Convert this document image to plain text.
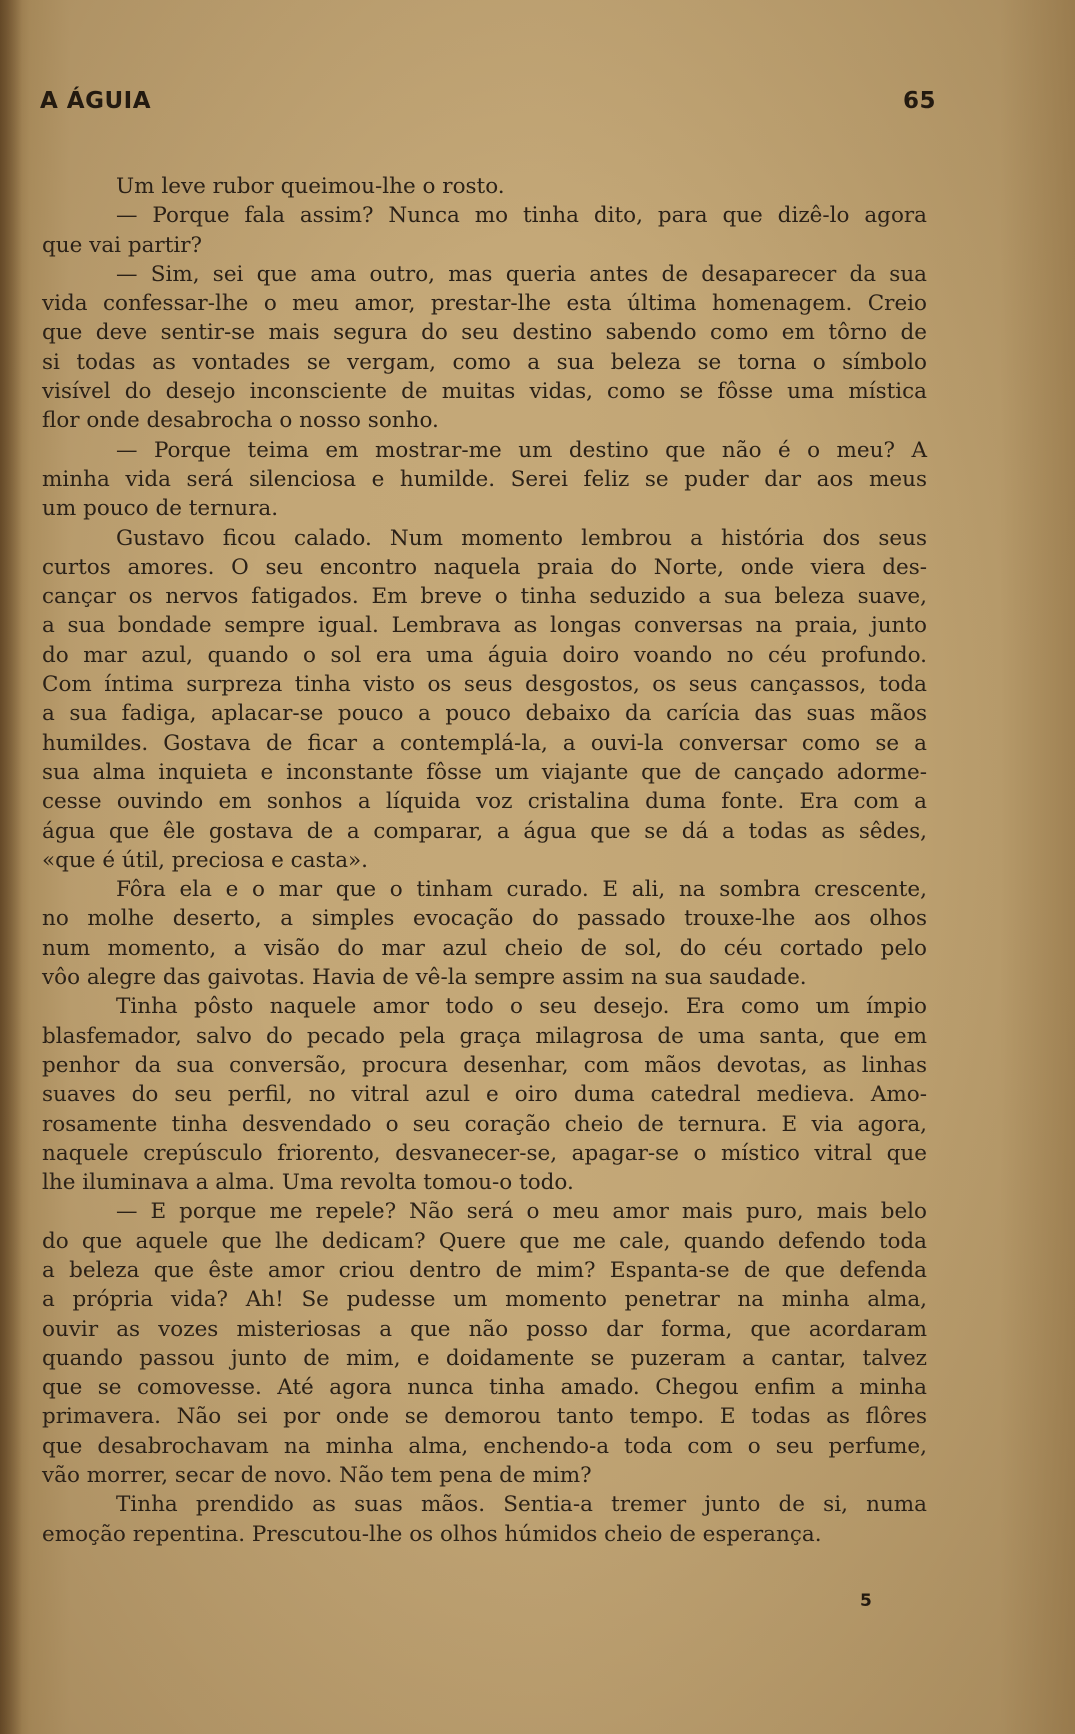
A ÁGUIA	65
Um leve rubor queimou-lhe o rosto.
— Porque fala assim? Nunca mo tinha dito, para que dizê-lo agora
que vai partir?
— Sim, sei que ama outro, mas queria antes de desaparecer da sua
vida confessar-lhe o meu amor, prestar-lhe esta última homenagem. Creio
que deve sentir-se mais segura do seu destino sabendo como em tôrno de
si todas as vontades se vergam, como a sua beleza se torna o símbolo
visível do desejo inconsciente de muitas vidas, como se fôsse uma mística
flor onde desabrocha o nosso sonho.
— Porque teima em mostrar-me um destino que não é o meu? A
minha vida será silenciosa e humilde. Serei feliz se puder dar aos meus
um pouco de ternura.
Gustavo ficou calado. Num momento lembrou a história dos seus
curtos amores. O seu encontro naquela praia do Norte, onde viera des-
cançar os nervos fatigados. Em breve o tinha seduzido a sua beleza suave,
a sua bondade sempre igual. Lembrava as longas conversas na praia, junto
do mar azul, quando o sol era uma águia doiro voando no céu profundo.
Com íntima surpreza tinha visto os seus desgostos, os seus cançassos, toda
a sua fadiga, aplacar-se pouco a pouco debaixo da carícia das suas mãos
humildes. Gostava de ficar a contemplá-la, a ouvi-la conversar como se a
sua alma inquieta e inconstante fôsse um viajante que de cançado adorme-
cesse ouvindo em sonhos a líquida voz cristalina duma fonte. Era com a
água que êle gostava de a comparar, a água que se dá a todas as sêdes,
«que é útil, preciosa e casta».
Fôra ela e o mar que o tinham curado. E ali, na sombra crescente,
no molhe deserto, a simples evocação do passado trouxe-lhe aos olhos
num momento, a visão do mar azul cheio de sol, do céu cortado pelo
vôo alegre das gaivotas. Havia de vê-la sempre assim na sua saudade.
Tinha pôsto naquele amor todo o seu desejo. Era como um ímpio
blasfemador, salvo do pecado pela graça milagrosa de uma santa, que em
penhor da sua conversão, procura desenhar, com mãos devotas, as linhas
suaves do seu perfil, no vitral azul e oiro duma catedral medieva. Amo-
rosamente tinha desvendado o seu coração cheio de ternura. E via agora,
naquele crepúsculo friorento, desvanecer-se, apagar-se o místico vitral que
lhe iluminava a alma. Uma revolta tomou-o todo.
— E porque me repele? Não será o meu amor mais puro, mais belo
do que aquele que lhe dedicam? Quere que me cale, quando defendo toda
a beleza que êste amor criou dentro de mim? Espanta-se de que defenda
a própria vida? Ah! Se pudesse um momento penetrar na minha alma,
ouvir as vozes misteriosas a que não posso dar forma, que acordaram
quando passou junto de mim, e doidamente se puzeram a cantar, talvez
que se comovesse. Até agora nunca tinha amado. Chegou enfim a minha
primavera. Não sei por onde se demorou tanto tempo. E todas as flôres
que desabrochavam na minha alma, enchendo-a toda com o seu perfume,
vão morrer, secar de novo. Não tem pena de mim?
Tinha prendido as suas mãos. Sentia-a tremer junto de si, numa
emoção repentina. Prescutou-lhe os olhos húmidos cheio de esperança.
5
